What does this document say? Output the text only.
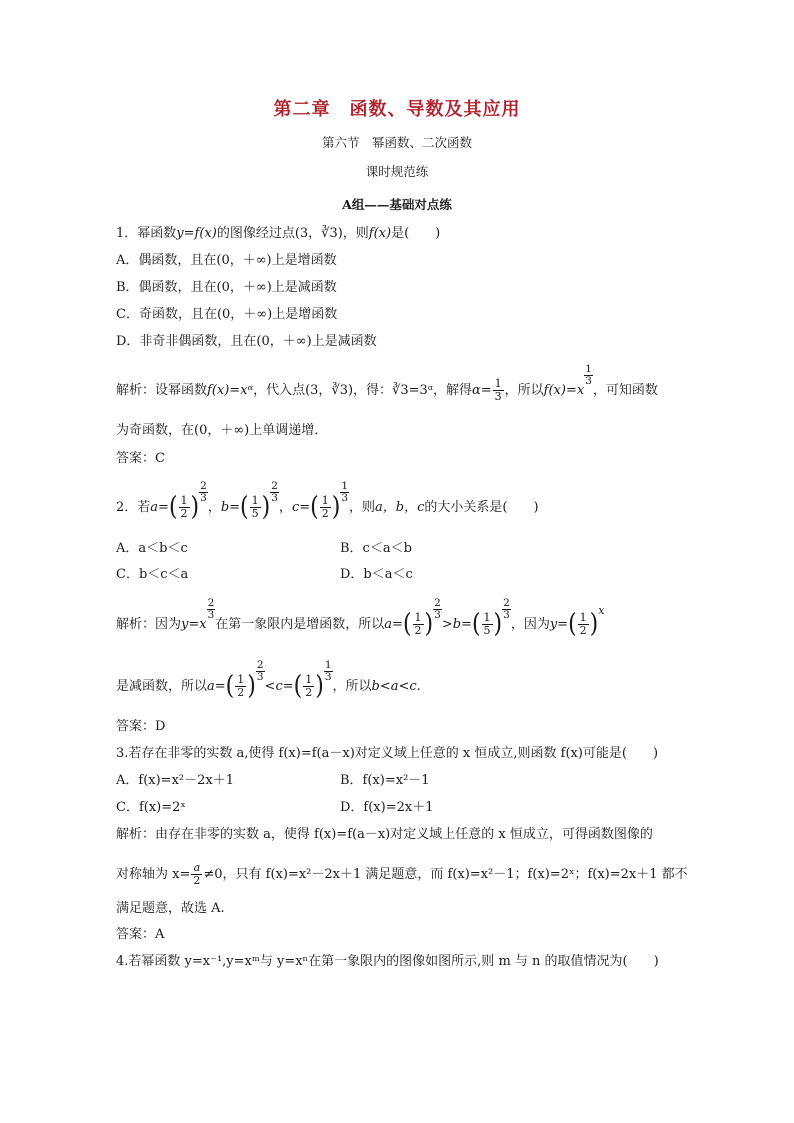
第二章　函数、导数及其应用
第六节　幂函数、二次函数
课时规范练
A组——基础对点练
1．幂函数y=f(x)的图像经过点(3，∛3)，则f(x)是(　　)
A．偶函数，且在(0，＋∞)上是增函数
B．偶函数，且在(0，＋∞)上是减函数
C．奇函数，且在(0，＋∞)上是增函数
D．非奇非偶函数，且在(0，＋∞)上是减函数
解析：设幂函数f(x)=xᵅ，代入点(3，∛3)，得：∛3=3ᵅ，解得$\alpha= \frac{1}{3}$ ，所以f(x)=x
$\frac{1}{3}$
，可知函数
为奇函数，在(0，＋∞)上单调递增．
答案：C
2．若$a=( \frac{1}{2}$ ) $\frac{2}{3}$
，$b=( \frac{1}{5}$ ) $\frac{2}{3}$
，$c=( \frac{1}{2}$ ) $\frac{1}{3}$
，则a，b，c的大小关系是(　　)
A．a＜b＜c	B．c＜a＜b
C．b＜c＜a	D．b＜a＜c
解析：因为y=x
$\frac{2}{3}$
在第一象限内是增函数，所以$a=( \frac{1}{2}$ ) $\frac{2}{3}$
$>b=( \frac{1}{5}$ ) $\frac{2}{3}$
，因为$y=( \frac{1}{2} )^x$
是减函数，所以$a=( \frac{1}{2}$ ) $\frac{2}{3}$
$<c=( \frac{1}{2}$ ) $\frac{1}{3}$
，所以b<a<c.
答案：D
3.若存在非零的实数 a,使得 f(x)=f(a－x)对定义域上任意的 x 恒成立,则函数 f(x)可能是(　　)
A．f(x)=x²－2x＋1	B．f(x)=x²－1
C．f(x)=2ˣ	D．f(x)=2x＋1
解析：由存在非零的实数 a，使得 f(x)=f(a－x)对定义域上任意的 x 恒成立，可得函数图像的
对称轴为 $x= \frac{a}{2} \ne 0$，只有 f(x)=x²－2x＋1 满足题意，而 f(x)=x²－1；f(x)=2ˣ；f(x)=2x＋1 都不
满足题意，故选 A.
答案：A
4.若幂函数 y=x⁻¹,y=xᵐ与 y=xⁿ在第一象限内的图像如图所示,则 m 与 n 的取值情况为(　　)
